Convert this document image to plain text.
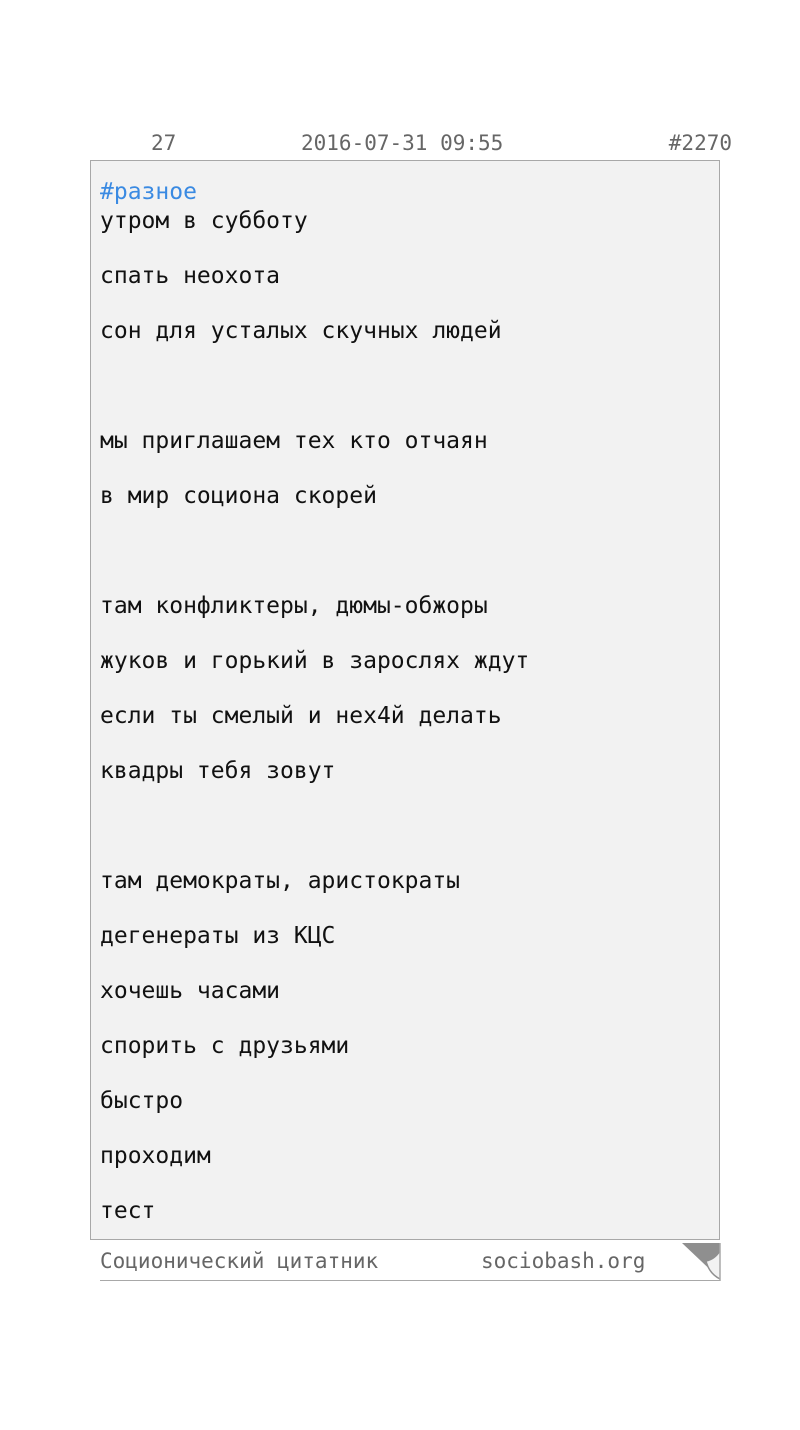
27	2016-07-31 09:55	#2270
#разное
утром в субботу
спать неохота
сон для усталых скучных людей
мы приглашаем тех кто отчаян
в мир социона скорей
там конфликтеры, дюмы-обжоры
жуков и горький в зарослях ждут
если ты смелый и нех4й делать
квадры тебя зовут
там демократы, аристократы
дегенераты из КЦС
хочешь часами
спорить с друзьями
быстро
проходим
тест
Соционический цитатник	sociobash.org
